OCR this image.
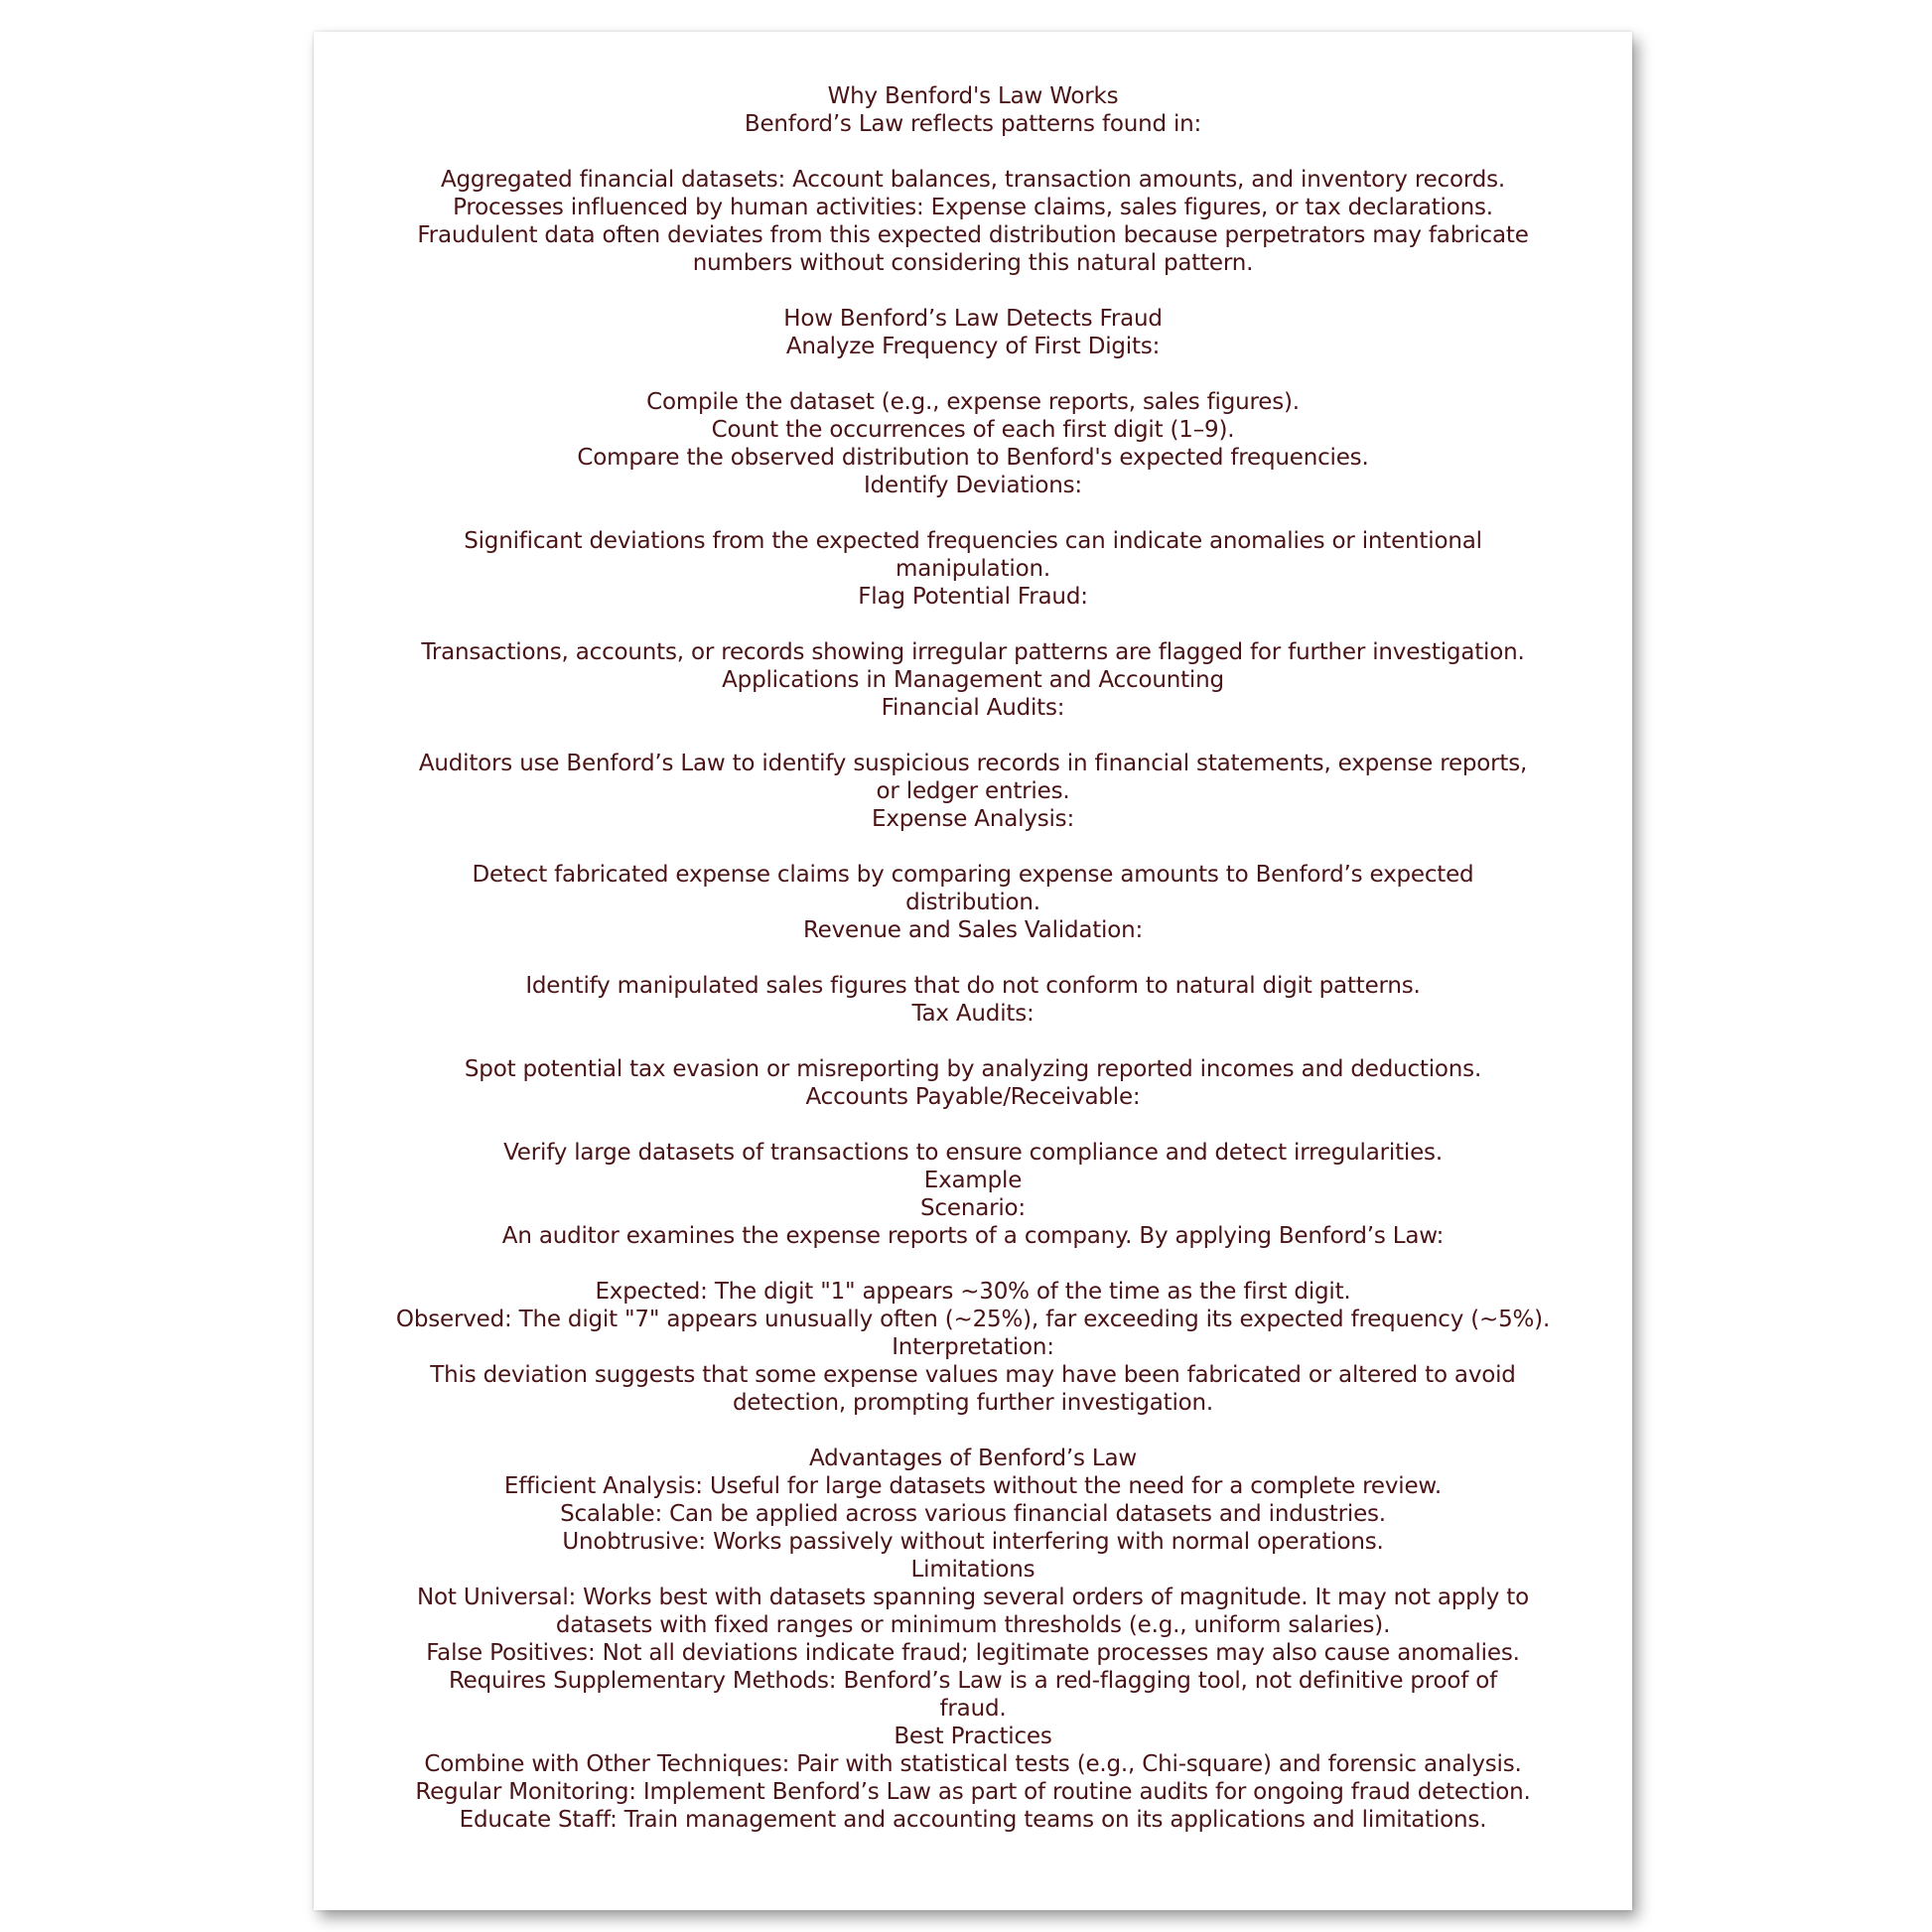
Why Benford's Law Works
Benford’s Law reflects patterns found in:
Aggregated financial datasets: Account balances, transaction amounts, and inventory records.
Processes influenced by human activities: Expense claims, sales figures, or tax declarations.
Fraudulent data often deviates from this expected distribution because perpetrators may fabricate
numbers without considering this natural pattern.
How Benford’s Law Detects Fraud
Analyze Frequency of First Digits:
Compile the dataset (e.g., expense reports, sales figures).
Count the occurrences of each first digit (1–9).
Compare the observed distribution to Benford's expected frequencies.
Identify Deviations:
Significant deviations from the expected frequencies can indicate anomalies or intentional
manipulation.
Flag Potential Fraud:
Transactions, accounts, or records showing irregular patterns are flagged for further investigation.
Applications in Management and Accounting
Financial Audits:
Auditors use Benford’s Law to identify suspicious records in financial statements, expense reports,
or ledger entries.
Expense Analysis:
Detect fabricated expense claims by comparing expense amounts to Benford’s expected
distribution.
Revenue and Sales Validation:
Identify manipulated sales figures that do not conform to natural digit patterns.
Tax Audits:
Spot potential tax evasion or misreporting by analyzing reported incomes and deductions.
Accounts Payable/Receivable:
Verify large datasets of transactions to ensure compliance and detect irregularities.
Example
Scenario:
An auditor examines the expense reports of a company. By applying Benford’s Law:
Expected: The digit "1" appears ~30% of the time as the first digit.
Observed: The digit "7" appears unusually often (~25%), far exceeding its expected frequency (~5%).
Interpretation:
This deviation suggests that some expense values may have been fabricated or altered to avoid
detection, prompting further investigation.
Advantages of Benford’s Law
Efficient Analysis: Useful for large datasets without the need for a complete review.
Scalable: Can be applied across various financial datasets and industries.
Unobtrusive: Works passively without interfering with normal operations.
Limitations
Not Universal: Works best with datasets spanning several orders of magnitude. It may not apply to
datasets with fixed ranges or minimum thresholds (e.g., uniform salaries).
False Positives: Not all deviations indicate fraud; legitimate processes may also cause anomalies.
Requires Supplementary Methods: Benford’s Law is a red-flagging tool, not definitive proof of
fraud.
Best Practices
Combine with Other Techniques: Pair with statistical tests (e.g., Chi-square) and forensic analysis.
Regular Monitoring: Implement Benford’s Law as part of routine audits for ongoing fraud detection.
Educate Staff: Train management and accounting teams on its applications and limitations.
